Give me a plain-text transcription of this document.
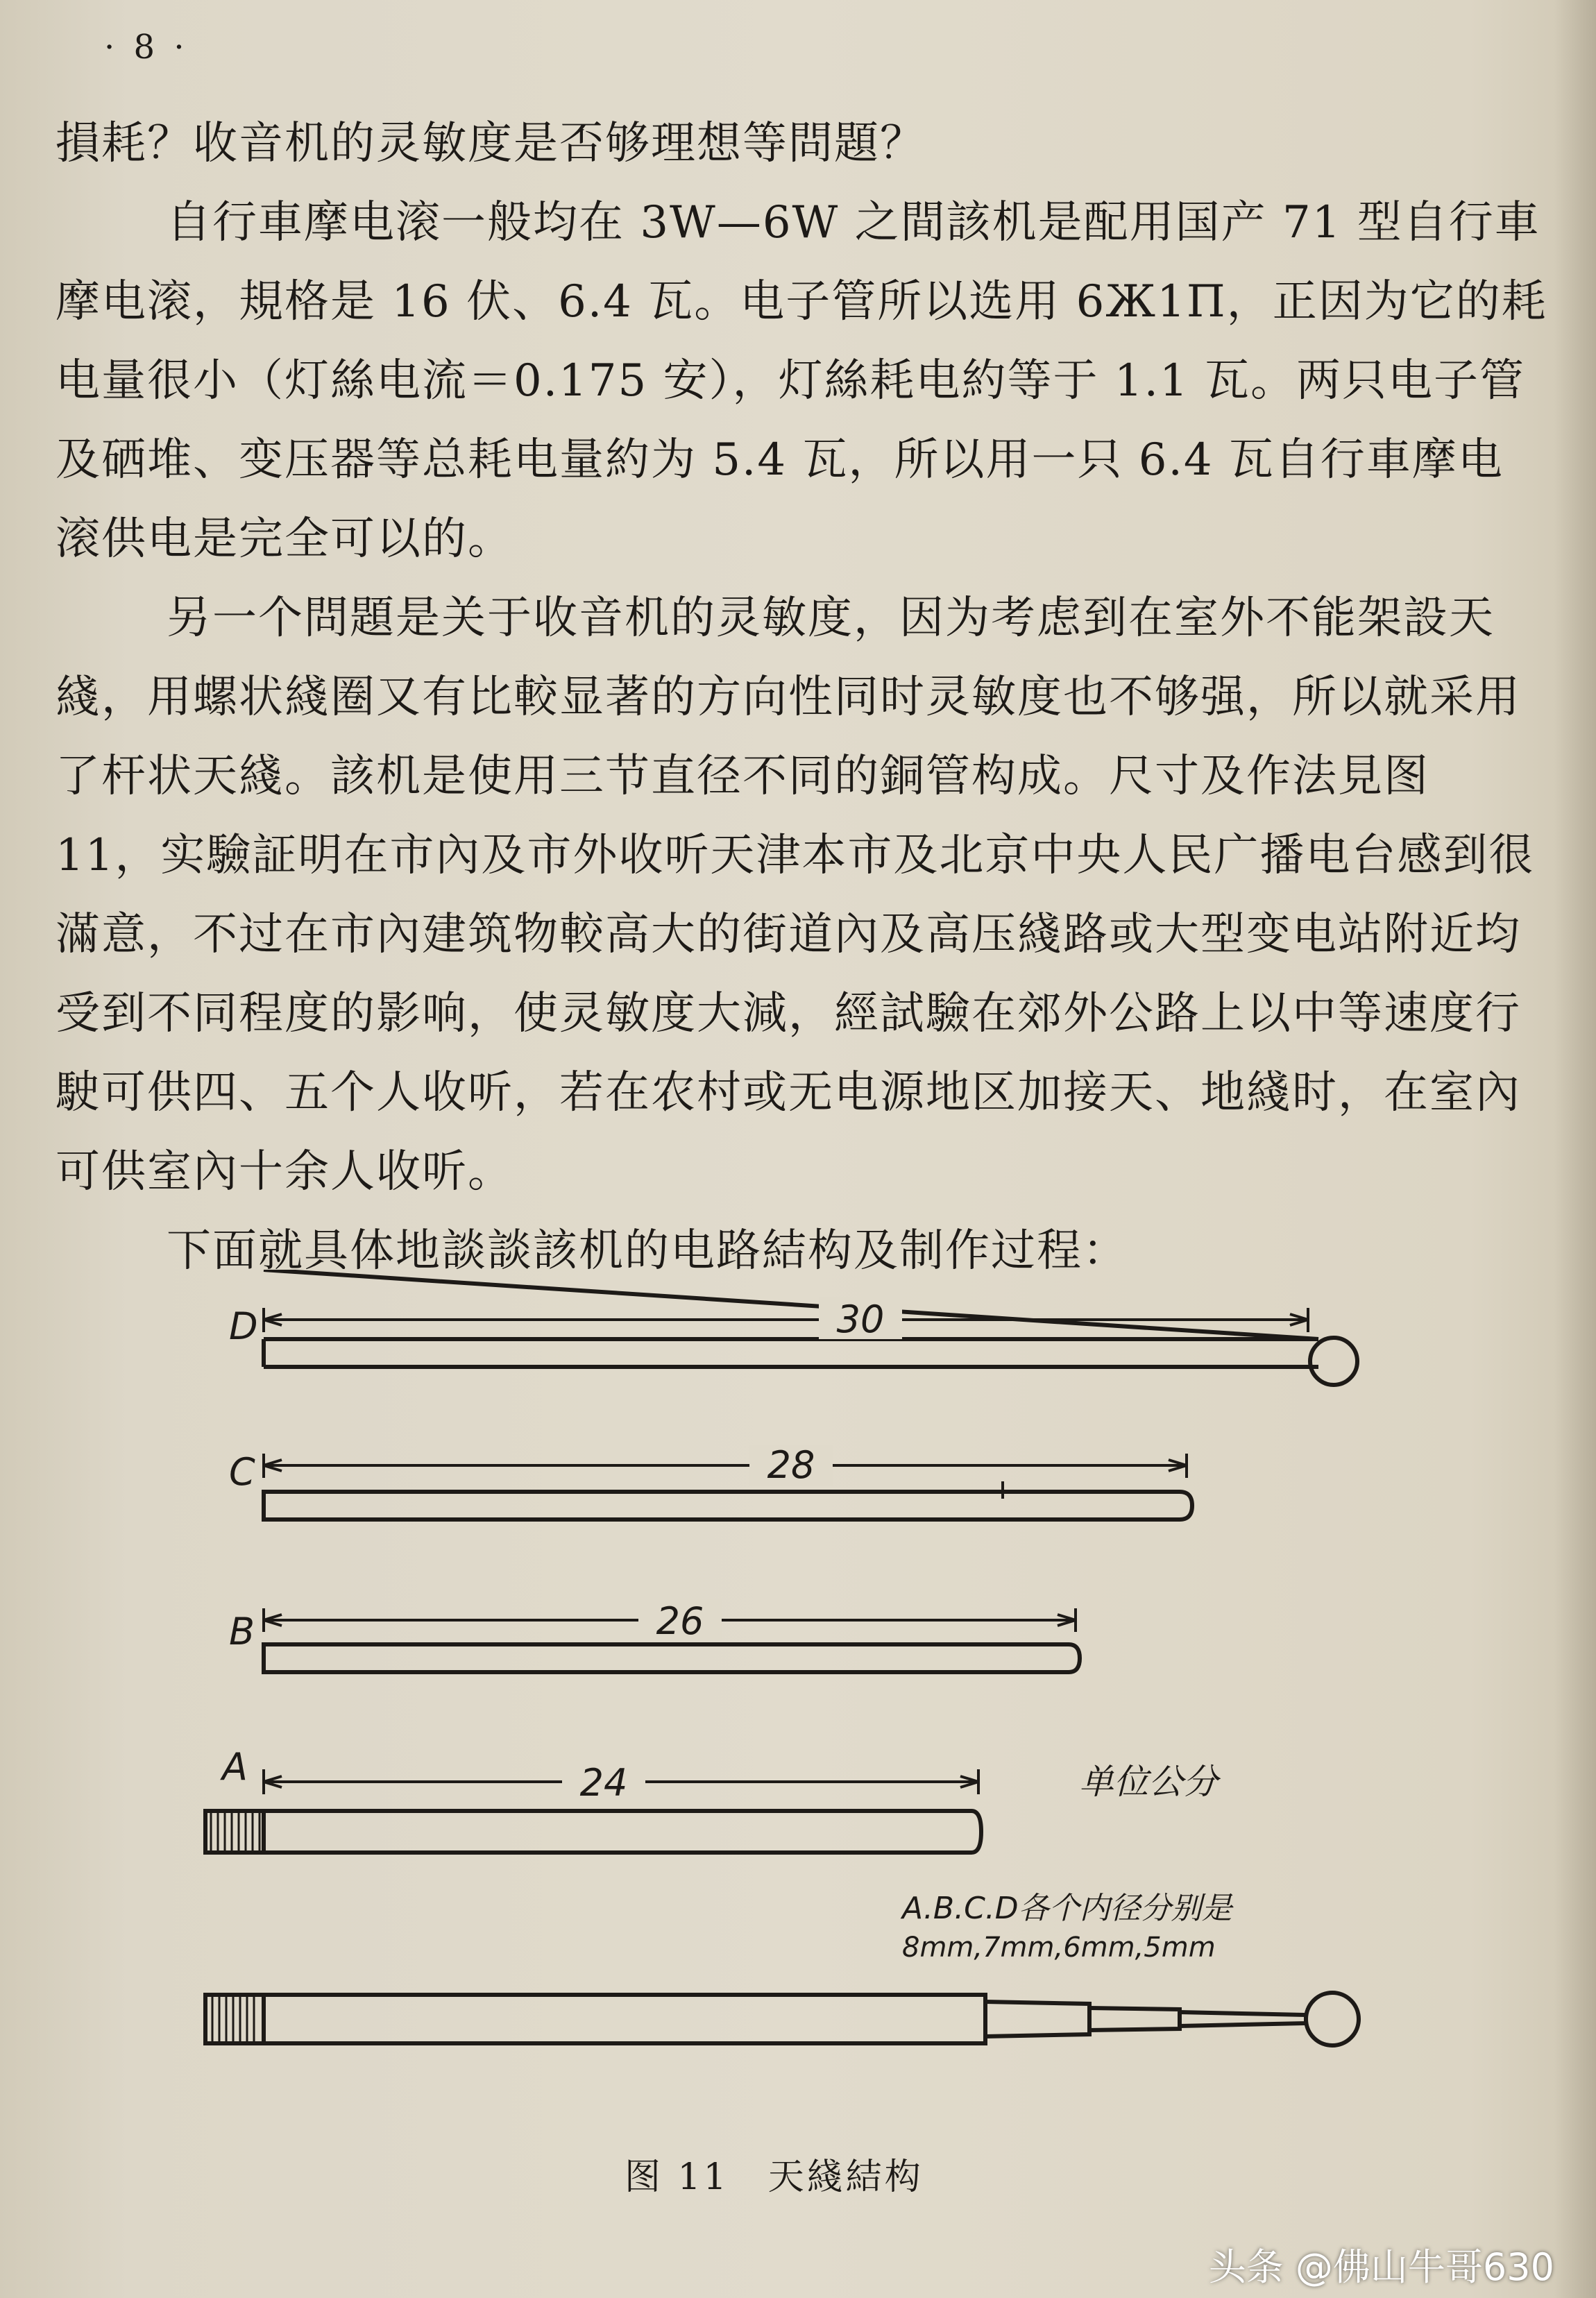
· 8 ·

損耗？收音机的灵敏度是否够理想等問題？

自行車摩电滚一般均在 3W—6W 之間該机是配用国产 71 型自行車摩电滚，規格是 16 伏、6.4 瓦。电子管所以选用 6Ж1П，正因为它的耗电量很小（灯絲电流＝0.175 安），灯絲耗电約等于 1.1 瓦。两只电子管及硒堆、变压器等总耗电量約为 5.4 瓦，所以用一只 6.4 瓦自行車摩电滚供电是完全可以的。

另一个問題是关于收音机的灵敏度，因为考虑到在室外不能架設天綫，用螺状綫圈又有比較显著的方向性同时灵敏度也不够强，所以就采用了杆状天綫。該机是使用三节直径不同的銅管构成。尺寸及作法見图 11，实驗証明在市內及市外收听天津本市及北京中央人民广播电台感到很滿意，不过在市內建筑物較高大的街道內及高压綫路或大型变电站附近均受到不同程度的影响，使灵敏度大減，經試驗在郊外公路上以中等速度行駛可供四、五个人收听，若在农村或无电源地区加接天、地綫时，在室內可供室內十余人收听。

下面就具体地談談該机的电路結构及制作过程：

30
D
28
C
26
B
24
A	单位公分
A.B.C.D各个内径分别是
8mm,7mm,6mm,5mm
图 11　天綫結构
头条 @佛山牛哥630
